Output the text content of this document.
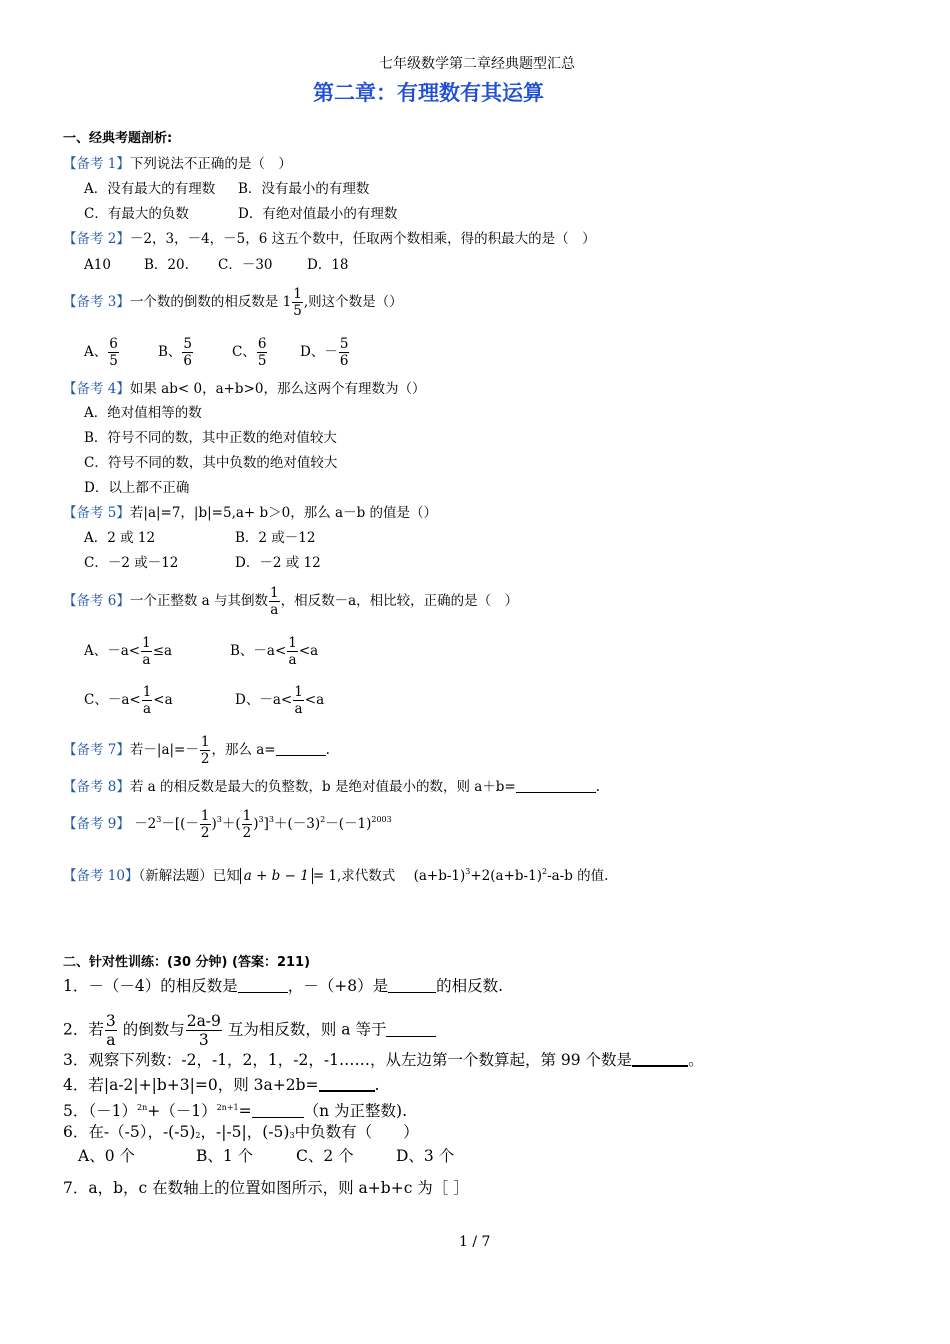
七年级数学第二章经典题型汇总
第二章：有理数有其运算
一、经典考题剖析:
【备考 1】下列说法不正确的是（　）
A．没有最大的有理数 B．没有最小的有理数
C．有最大的负数	D．有绝对值最小的有理数
【备考 2】－2，3，－4，－5，6 这五个数中，任取两个数相乘，得的积最大的是（　）
A10 B．20. C．－30	D．18
【备考 3】一个数的倒数的相反数是 $1 \frac{1}{5}$ ,则这个数是（）
A、 $\frac{6}{5}$	B、 $\frac{5}{6}$	C、 $\frac{6}{5}$ D、－ $\frac{5}{6}$
【备考 4】如果 ab< 0，a+b>0，那么这两个有理数为（）
A．绝对值相等的数
B．符号不同的数，其中正数的绝对值较大
C．符号不同的数，其中负数的绝对值较大
D．以上都不正确
【备考 5】若|a|=7，|b|=5,a+ b＞0，那么 a－b 的值是（）
A．2 或 12	B．2 或－12
C．－2 或－12	D．－2 或 12
【备考 6】一个正整数 a 与其倒数 $\frac{1}{a}$ ，相反数－a，相比较，正确的是（　）
A、$-a< \frac{1}{a} \le a$	B、$-a< \frac{1}{a} <a$
C、$-a< \frac{1}{a} <a$	D、$-a< \frac{1}{a} <a$
【备考 7】若$-|a|=- \frac{1}{2}$ ，那么 a=	.
【备考 8】若 a 的相反数是最大的负整数，b 是绝对值最小的数，则 a＋b=	.
【备考 9】 $-2^3-[(- \frac{1}{2} )^3+( \frac{1}{2} )^3]^3+(-3)^2-(-1)^{2003}$
【备考 10】（新解法题）已知 a + b − 1 = 1,求代数式 $(a+b-1)^3+2(a+b-1)^2-a-b$ 的值.
二、针对性训练：(30 分钟) (答案：211)
1．－（－4）的相反数是	，－（+8）是	的相反数.
2．若 $\frac{3}{a}$ 的倒数与 $\frac{2a-9}{3}$ 互为相反数，则 a 等于
3．观察下列数：-2，-1，2，1，-2，-1……，从左边第一个数算起，第 99 个数是	。
4．若|a-2|+|b+3|=0，则 3a+2b=	.
5．$(-1)^{2n}+(-1)^{2n+1}=$	（n 为正整数).
6．在-（-5），$-(-5)_2$，-|-5|，$(-5)_3$中负数有（　　）
A、0 个	B、1 个	C、2 个	D、3 个
7．a，b，c 在数轴上的位置如图所示，则 a+b+c 为［ ］
1 / 7
